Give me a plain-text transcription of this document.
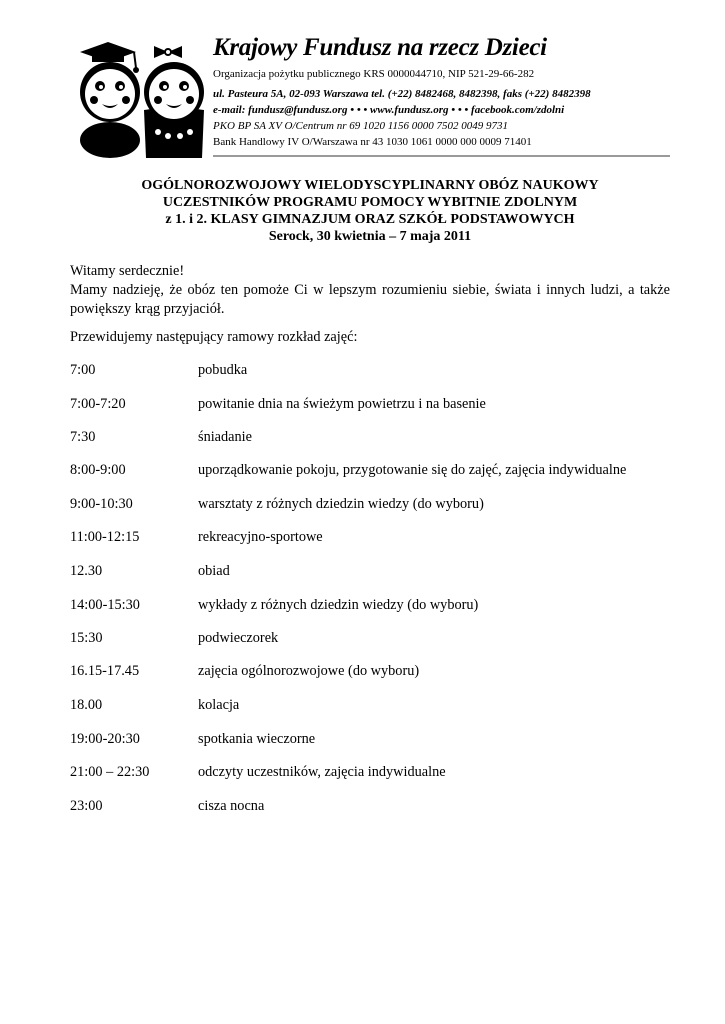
Krajowy Fundusz na rzecz Dzieci
Organizacja pożytku publicznego KRS 0000044710, NIP 521-29-66-282
ul. Pasteura 5A, 02-093 Warszawa tel. (+22) 8482468, 8482398, faks (+22) 8482398
e-mail: fundusz@fundusz.org • • • www.fundusz.org • • • facebook.com/zdolni
PKO BP SA XV O/Centrum nr 69 1020 1156 0000 7502 0049 9731
Bank Handlowy IV O/Warszawa nr 43 1030 1061 0000 000 0009 71401
OGÓLNOROZWOJOWY WIELODYSCYPLINARNY OBÓZ NAUKOWY
UCZESTNIKÓW PROGRAMU POMOCY WYBITNIE ZDOLNYM
z 1. i 2. KLASY GIMNAZJUM ORAZ SZKÓŁ PODSTAWOWYCH
Serock, 30 kwietnia – 7 maja 2011
Witamy serdecznie!
Mamy nadzieję, że obóz ten pomoże Ci w lepszym rozumieniu siebie, świata i innych ludzi, a także powiększy krąg przyjaciół.
Przewidujemy następujący ramowy rozkład zajęć:
7:00	pobudka
7:00-7:20	powitanie dnia na świeżym powietrzu i na basenie
7:30	śniadanie
8:00-9:00	uporządkowanie pokoju, przygotowanie się do zajęć, zajęcia indywidualne
9:00-10:30	warsztaty z różnych dziedzin wiedzy (do wyboru)
11:00-12:15	rekreacyjno-sportowe
12.30	obiad
14:00-15:30	wykłady z różnych dziedzin wiedzy (do wyboru)
15:30	podwieczorek
16.15-17.45	zajęcia ogólnorozwojowe (do wyboru)
18.00	kolacja
19:00-20:30	spotkania wieczorne
21:00 – 22:30	odczyty uczestników, zajęcia indywidualne
23:00	cisza nocna
